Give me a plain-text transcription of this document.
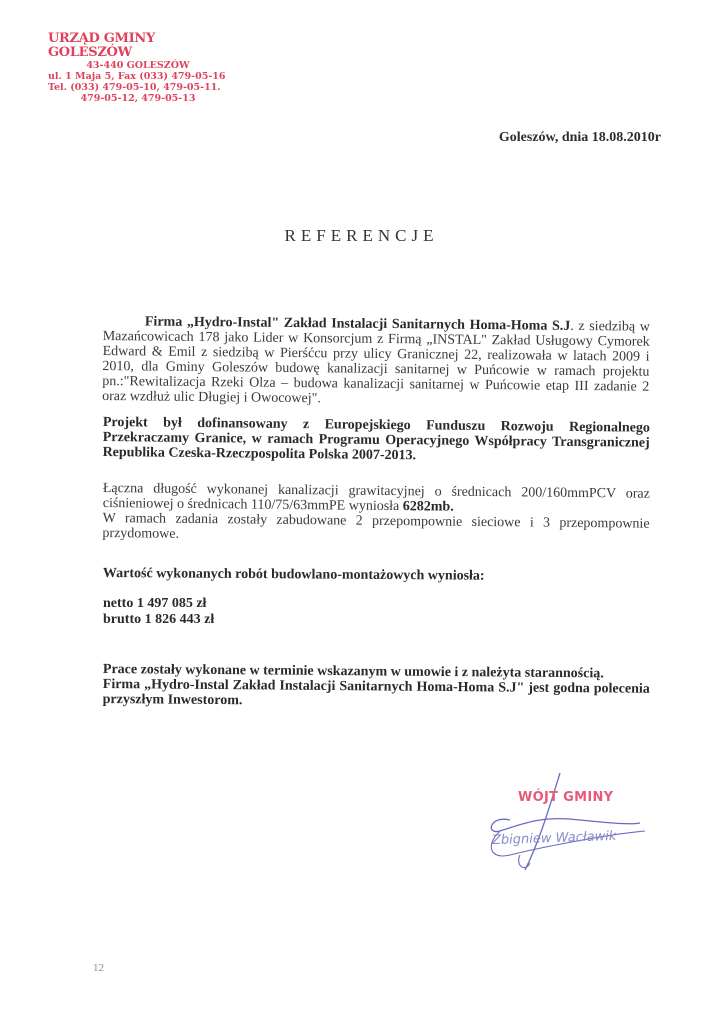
URZĄD GMINY GOLESZÓW
43-440 GOLESZÓW
ul. 1 Maja 5, Fax (033) 479-05-16
Tel. (033) 479-05-10, 479-05-11.
479-05-12, 479-05-13
Goleszów, dnia 18.08.2010r
REFERENCJE
Firma „Hydro-Instal" Zakład Instalacji Sanitarnych Homa-Homa S.J. z siedzibą w Mazańcowicach 178 jako Lider w Konsorcjum z Firmą „INSTAL" Zakład Usługowy Cymorek Edward & Emil z siedzibą w Pierśćcu przy ulicy Granicznej 22, realizowała w latach 2009 i 2010, dla Gminy Goleszów budowę kanalizacji sanitarnej w Puńcowie w ramach projektu pn.:"Rewitalizacja Rzeki Olza – budowa kanalizacji sanitarnej w Puńcowie etap III zadanie 2 oraz wzdłuż ulic Długiej i Owocowej".
Projekt był dofinansowany z Europejskiego Funduszu Rozwoju Regionalnego Przekraczamy Granice, w ramach Programu Operacyjnego Współpracy Transgranicznej Republika Czeska-Rzeczpospolita Polska 2007-2013.
Łączna długość wykonanej kanalizacji grawitacyjnej o średnicach 200/160mmPCV oraz ciśnieniowej o średnicach 110/75/63mmPE wyniosła 6282mb.
W ramach zadania zostały zabudowane 2 przepompownie sieciowe i 3 przepompownie przydomowe.
Wartość wykonanych robót budowlano-montażowych wyniosła:
netto 1 497 085 zł
brutto 1 826 443 zł
Prace zostały wykonane w terminie wskazanym w umowie i z należyta starannością.
Firma „Hydro-Instal Zakład Instalacji Sanitarnych Homa-Homa S.J" jest godna polecenia przyszłym Inwestorom.
WÓJT GMINY
Zbigniew Wacławik
12
